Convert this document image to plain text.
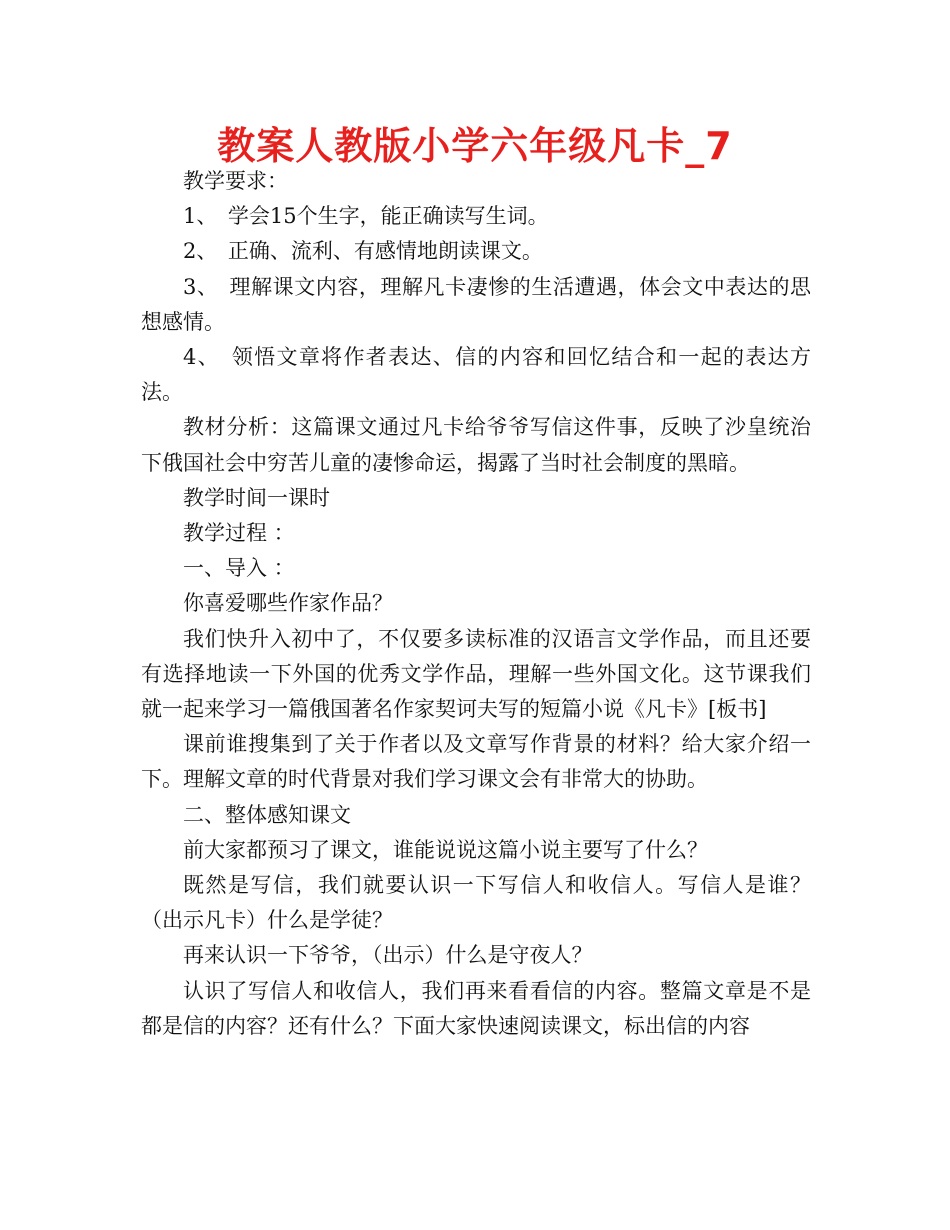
教案人教版小学六年级凡卡_7

教学要求：

1、　学会15个生字，能正确读写生词。

2、　正确、流利、有感情地朗读课文。

3、　理解课文内容，理解凡卡凄惨的生活遭遇，体会文中表达的思想感情。

4、　领悟文章将作者表达、信的内容和回忆结合和一起的表达方法。

教材分析：这篇课文通过凡卡给爷爷写信这件事，反映了沙皇统治下俄国社会中穷苦儿童的凄惨命运，揭露了当时社会制度的黑暗。

教学时间一课时

教学过程 ：

一、导入 ：

你喜爱哪些作家作品？

我们快升入初中了，不仅要多读标准的汉语言文学作品，而且还要有选择地读一下外国的优秀文学作品，理解一些外国文化。这节课我们就一起来学习一篇俄国著名作家契诃夫写的短篇小说《凡卡》[板书]

课前谁搜集到了关于作者以及文章写作背景的材料？给大家介绍一下。理解文章的时代背景对我们学习课文会有非常大的协助。

二、整体感知课文

前大家都预习了课文，谁能说说这篇小说主要写了什么？

既然是写信，我们就要认识一下写信人和收信人。写信人是谁？（出示凡卡）什么是学徒？

再来认识一下爷爷，（出示）什么是守夜人？

认识了写信人和收信人，我们再来看看信的内容。整篇文章是不是都是信的内容？还有什么？下面大家快速阅读课文，标出信的内容
